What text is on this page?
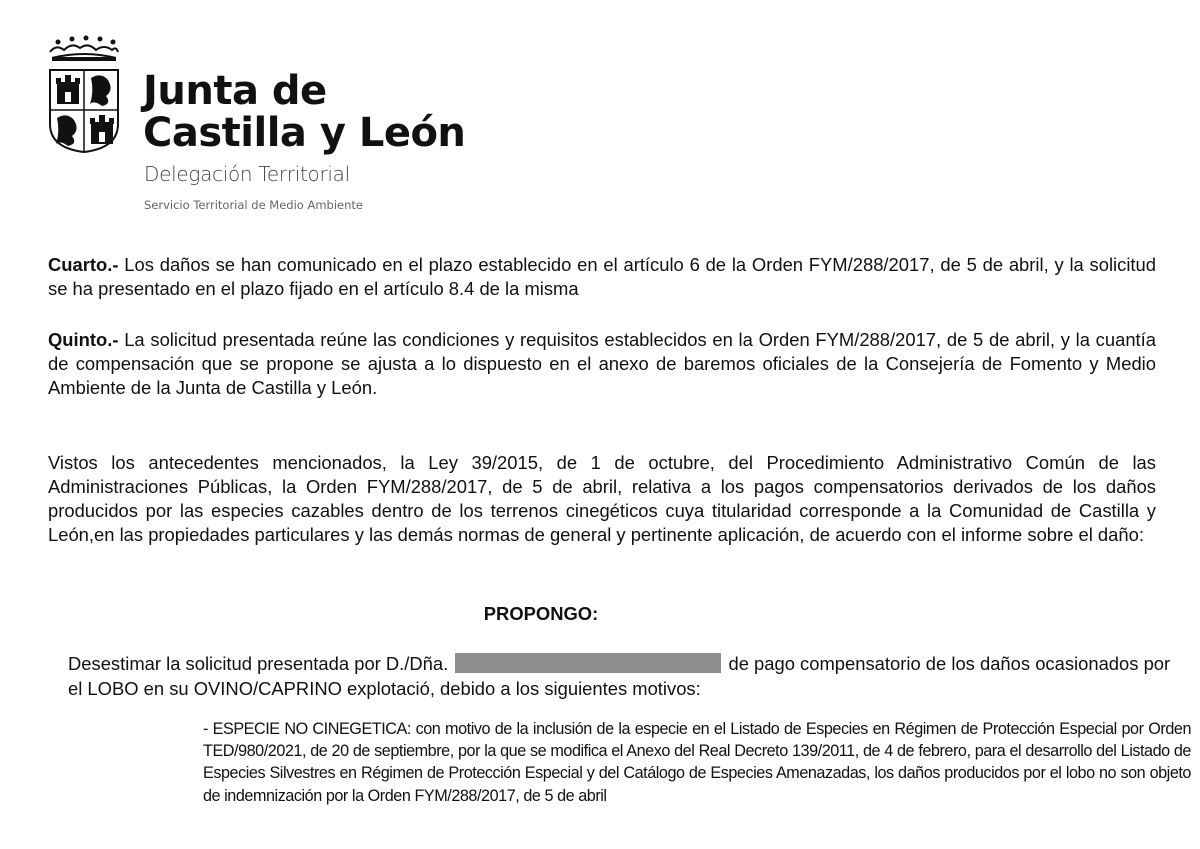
Junta de
Castilla y León
Delegación Territorial
Servicio Territorial de Medio Ambiente
Cuarto.- Los daños se han comunicado en el plazo establecido en el artículo 6 de la Orden FYM/288/2017, de 5 de abril, y la solicitud se ha presentado en el plazo fijado en el artículo 8.4 de la misma
Quinto.- La solicitud presentada reúne las condiciones y requisitos establecidos en la Orden FYM/288/2017, de 5 de abril, y la cuantía de compensación que se propone se ajusta a lo dispuesto en el anexo de baremos oficiales de la Consejería de Fomento y Medio Ambiente de la Junta de Castilla y León.
Vistos los antecedentes mencionados, la Ley 39/2015, de 1 de octubre, del Procedimiento Administrativo Común de las Administraciones Públicas, la Orden FYM/288/2017, de 5 de abril, relativa a los pagos compensatorios derivados de los daños producidos por las especies cazables dentro de los terrenos cinegéticos cuya titularidad corresponde a la Comunidad de Castilla y León,en las propiedades particulares y las demás normas de general y pertinente aplicación, de acuerdo con el informe sobre el daño:
PROPONGO:
Desestimar la solicitud presentada por D./Dña.	de pago compensatorio de los daños ocasionados por el LOBO en su OVINO/CAPRINO explotació, debido a los siguientes motivos:
- ESPECIE NO CINEGETICA: con motivo de la inclusión de la especie en el Listado de Especies en Régimen de Protección Especial por Orden TED/980/2021, de 20 de septiembre, por la que se modifica el Anexo del Real Decreto 139/2011, de 4 de febrero, para el desarrollo del Listado de Especies Silvestres en Régimen de Protección Especial y del Catálogo de Especies Amenazadas, los daños producidos por el lobo no son objeto de indemnización por la Orden FYM/288/2017, de 5 de abril
